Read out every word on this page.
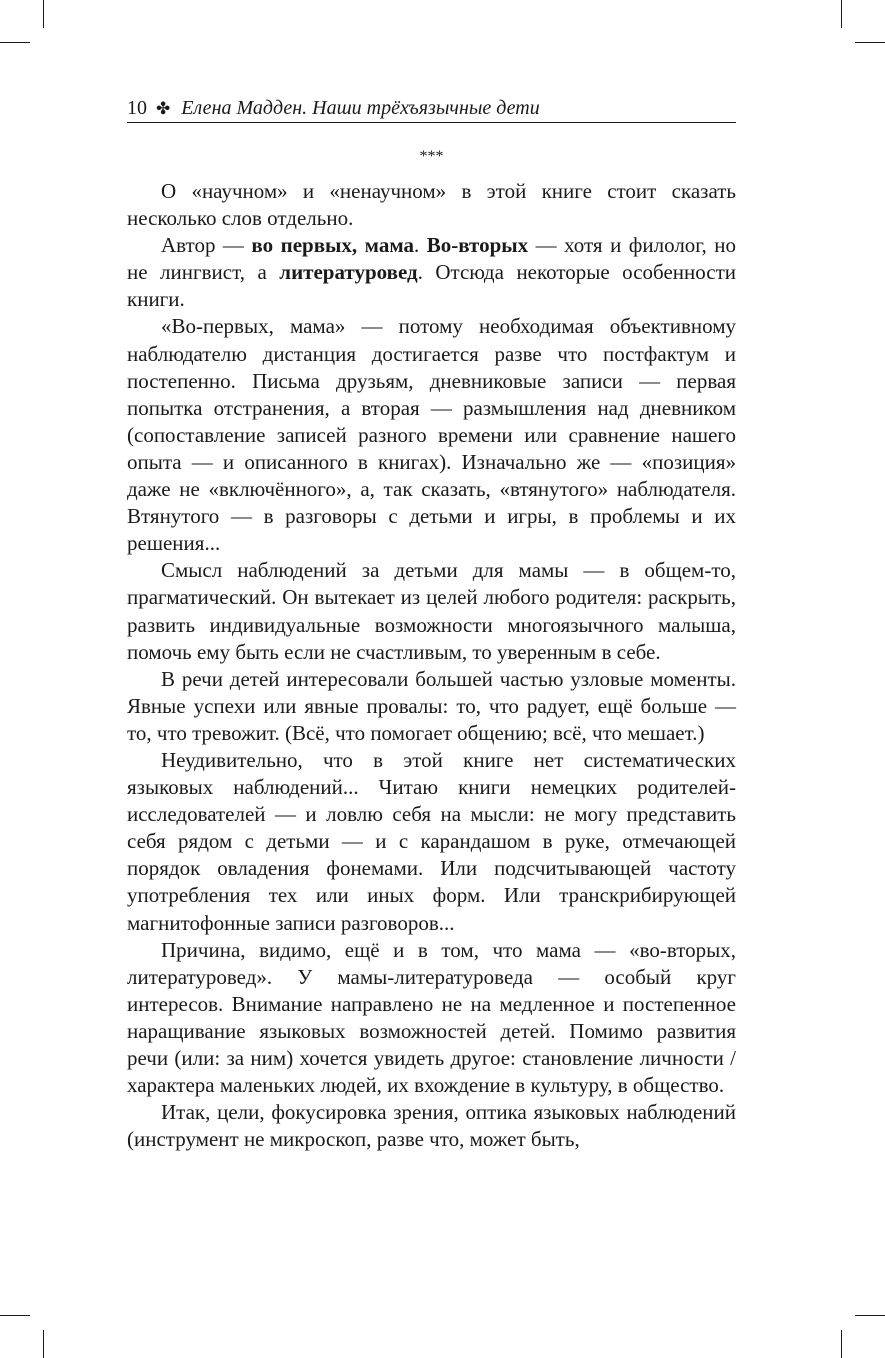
10 ✤ Елена Мадден. Наши трёхъязычные дети
***

О «научном» и «ненаучном» в этой книге стоит сказать несколько слов отдельно.

Автор — во первых, мама. Во-вторых — хотя и филолог, но не лингвист, а литературовед. Отсюда некоторые особенности книги.

«Во-первых, мама» — потому необходимая объективному наблюдателю дистанция достигается разве что постфактум и постепенно. Письма друзьям, дневниковые записи — первая попытка отстранения, а вторая — размышления над дневником (сопоставление записей разного времени или сравнение нашего опыта — и описанного в книгах). Изначально же — «позиция» даже не «включённого», а, так сказать, «втянутого» наблюдателя. Втянутого — в разговоры с детьми и игры, в проблемы и их решения...

Смысл наблюдений за детьми для мамы — в общем-то, прагматический. Он вытекает из целей любого родителя: раскрыть, развить индивидуальные возможности многоязычного малыша, помочь ему быть если не счастливым, то уверенным в себе.

В речи детей интересовали большей частью узловые моменты. Явные успехи или явные провалы: то, что радует, ещё больше — то, что тревожит. (Всё, что помогает общению; всё, что мешает.)

Неудивительно, что в этой книге нет систематических языковых наблюдений... Читаю книги немецких родителей-исследователей — и ловлю себя на мысли: не могу представить себя рядом с детьми — и с карандашом в руке, отмечающей порядок овладения фонемами. Или подсчитывающей частоту употребления тех или иных форм. Или транскрибирующей магнитофонные записи разговоров...

Причина, видимо, ещё и в том, что мама — «во-вторых, литературовед». У мамы-литературоведа — особый круг интересов. Внимание направлено не на медленное и постепенное наращивание языковых возможностей детей. Помимо развития речи (или: за ним) хочется увидеть другое: становление личности / характера маленьких людей, их вхождение в культуру, в общество.

Итак, цели, фокусировка зрения, оптика языковых наблюдений (инструмент не микроскоп, разве что, может быть,
